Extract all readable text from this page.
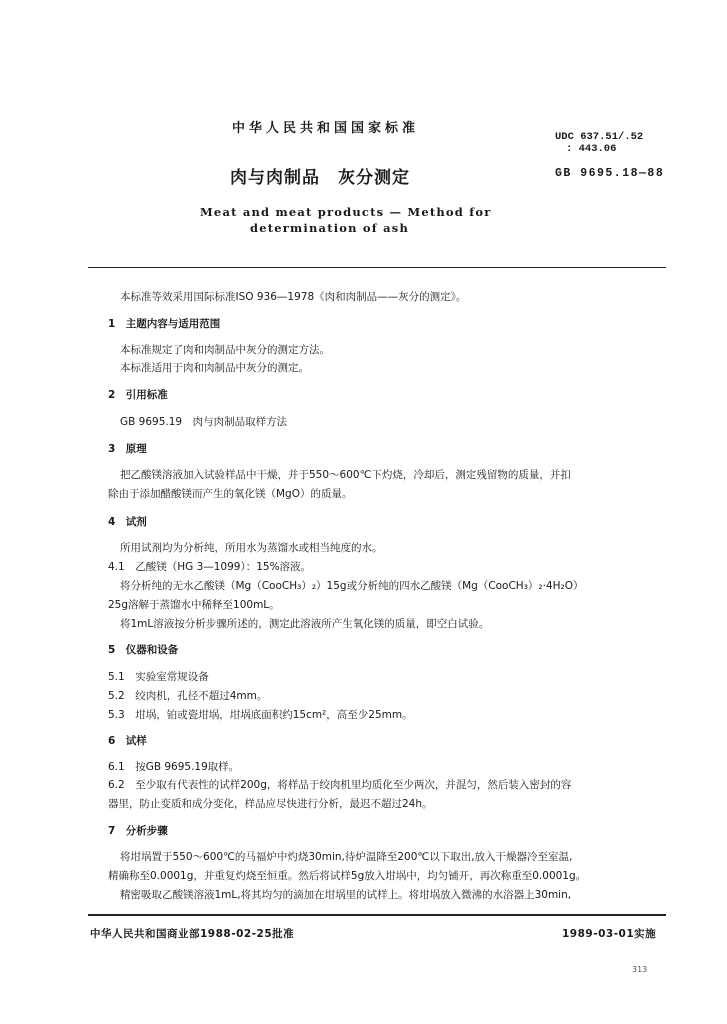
中华人民共和国国家标准
UDC 637.51/.52
: 443.06
肉与肉制品　灰分测定	GB 9695.18—88
Meat and meat products — Method for
determination of ash
本标准等效采用国际标准ISO 936—1978《肉和肉制品——灰分的测定》。
1　主题内容与适用范围
本标准规定了肉和肉制品中灰分的测定方法。
本标准适用于肉和肉制品中灰分的测定。
2　引用标准
GB 9695.19　肉与肉制品取样方法
3　原理
把乙酸镁溶液加入试验样品中干燥，并于550～600℃下灼烧，冷却后，测定残留物的质量，并扣
除由于添加醋酸镁而产生的氧化镁（MgO）的质量。
4　试剂
所用试剂均为分析纯，所用水为蒸馏水或相当纯度的水。
4.1　乙酸镁（HG 3—1099）：15%溶液。
将分析纯的无水乙酸镁（Mg（CooCH₃）₂）15g或分析纯的四水乙酸镁（Mg（CooCH₃）₂·4H₂O）
25g溶解于蒸馏水中稀释至100mL。
将1mL溶液按分析步骤所述的，测定此溶液所产生氧化镁的质量，即空白试验。
5　仪器和设备
5.1　实验室常规设备
5.2　绞肉机，孔径不超过4mm。
5.3　坩埚，铂或瓷坩埚，坩埚底面积约15cm²，高至少25mm。
6　试样
6.1　按GB 9695.19取样。
6.2　至少取有代表性的试样200g，将样品于绞肉机里均质化至少两次，并混匀，然后装入密封的容
器里，防止变质和成分变化，样品应尽快进行分析，最迟不超过24h。
7　分析步骤
将坩埚置于550～600℃的马福炉中灼烧30min,待炉温降至200℃以下取出,放入干燥器冷至室温,
精确称至0.0001g，并重复灼烧至恒重。然后将试样5g放入坩埚中，均匀铺开，再次称重至0.0001g。
精密吸取乙酸镁溶液1mL,将其均匀的滴加在坩埚里的试样上。将坩埚放入微沸的水浴器上30min,
中华人民共和国商业部1988-02-25批准	1989-03-01实施
313
